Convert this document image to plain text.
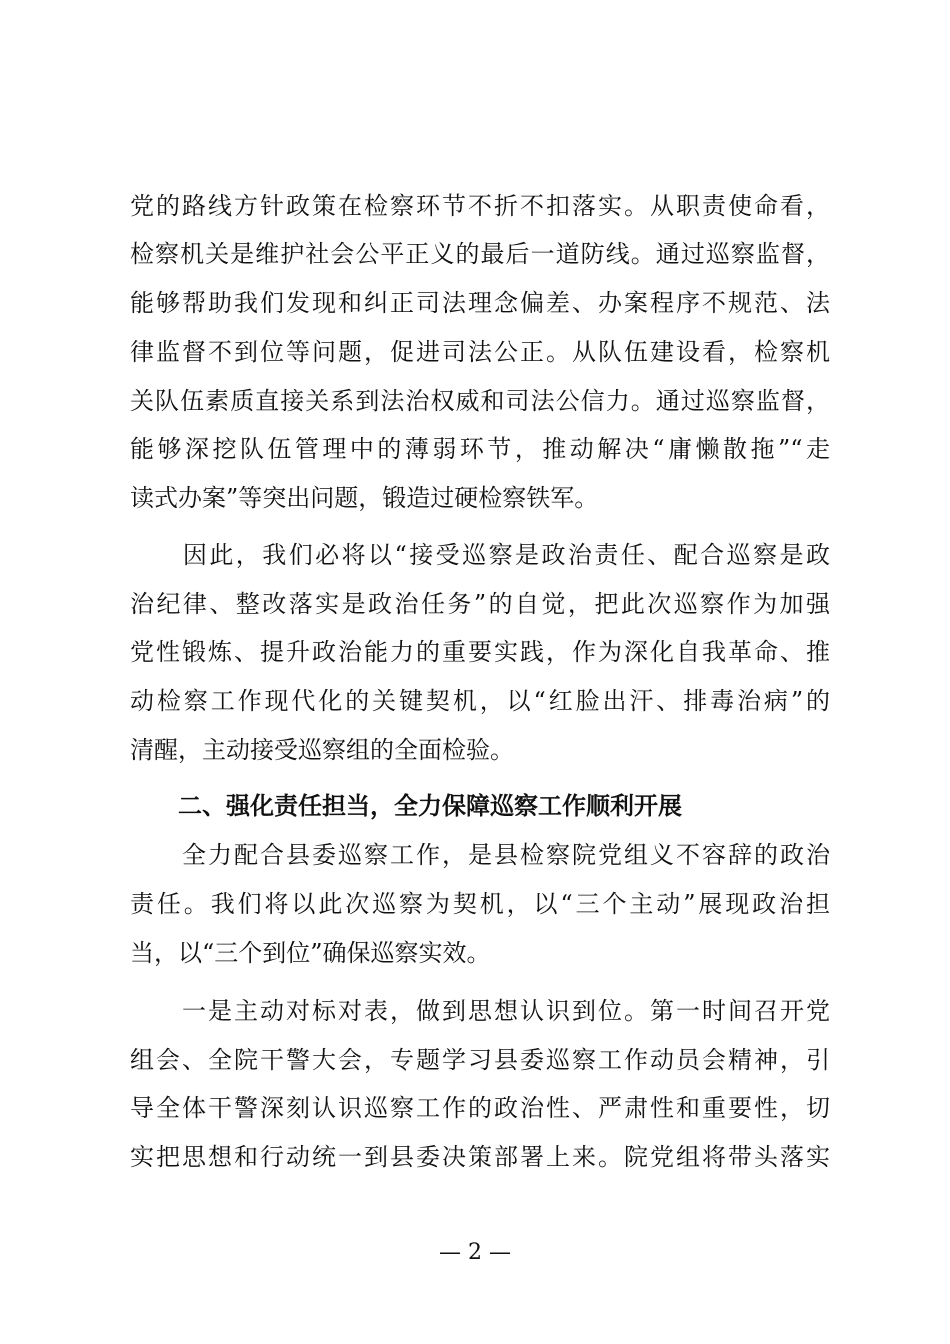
党的路线方针政策在检察环节不折不扣落实。从职责使命看，
检察机关是维护社会公平正义的最后一道防线。通过巡察监督，
能够帮助我们发现和纠正司法理念偏差、办案程序不规范、法
律监督不到位等问题，促进司法公正。从队伍建设看，检察机
关队伍素质直接关系到法治权威和司法公信力。通过巡察监督，
能够深挖队伍管理中的薄弱环节，推动解决“庸懒散拖”“走
读式办案”等突出问题，锻造过硬检察铁军。
　　因此，我们必将以“接受巡察是政治责任、配合巡察是政
治纪律、整改落实是政治任务”的自觉，把此次巡察作为加强
党性锻炼、提升政治能力的重要实践，作为深化自我革命、推
动检察工作现代化的关键契机，以“红脸出汗、排毒治病”的
清醒，主动接受巡察组的全面检验。
　　二、强化责任担当，全力保障巡察工作顺利开展
　　全力配合县委巡察工作，是县检察院党组义不容辞的政治
责任。我们将以此次巡察为契机，以“三个主动”展现政治担
当，以“三个到位”确保巡察实效。
　　一是主动对标对表，做到思想认识到位。第一时间召开党
组会、全院干警大会，专题学习县委巡察工作动员会精神，引
导全体干警深刻认识巡察工作的政治性、严肃性和重要性，切
实把思想和行动统一到县委决策部署上来。院党组将带头落实
— 2 —
